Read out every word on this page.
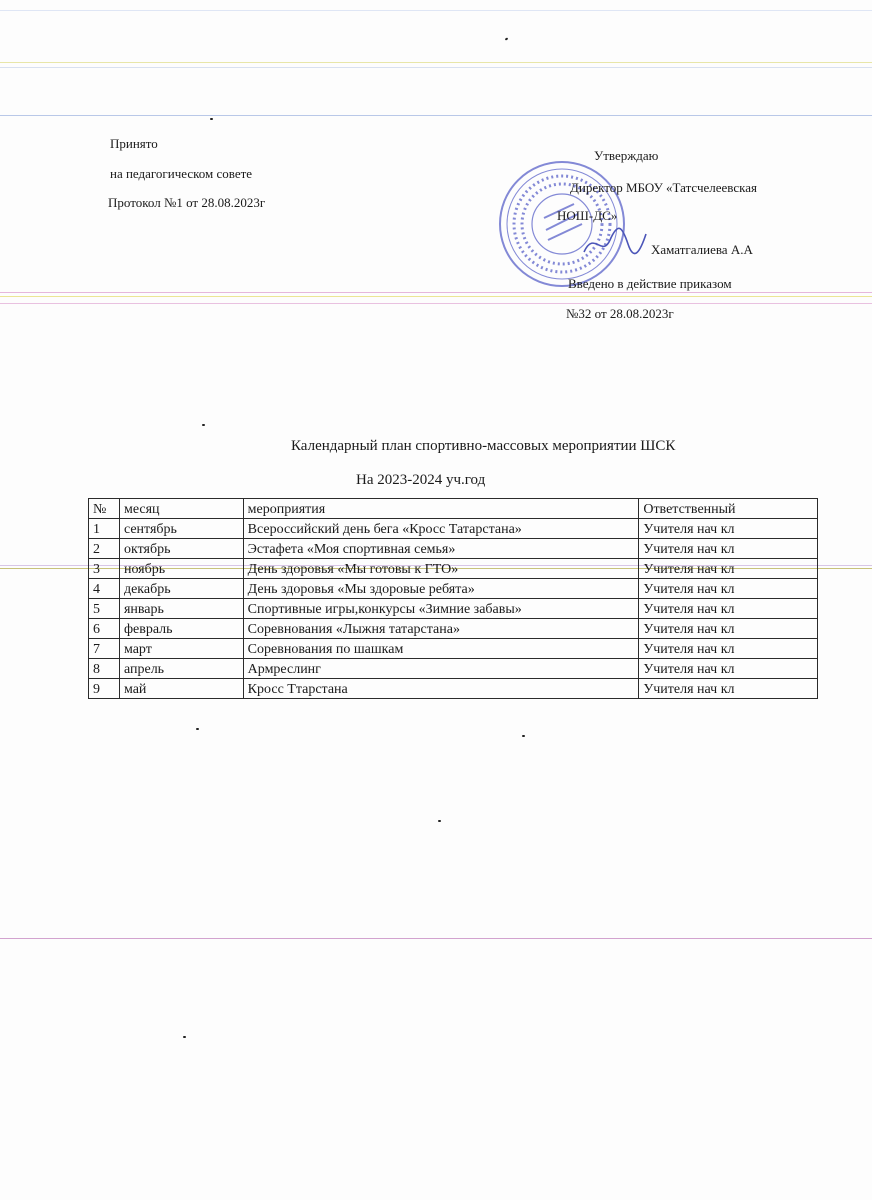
Принято
на педагогическом совете
Протокол №1 от 28.08.2023г
Утверждаю
Директор МБОУ «Татсчелеевская
НОШ-ДС»
Хаматгалиева А.А
Введено в действие приказом
№32 от 28.08.2023г
Календарный план спортивно-массовых мероприятии ШСК
На 2023-2024 уч.год
№	месяц	мероприятия	Ответственный
1	сентябрь	Всероссийский день бега «Кросс Татарстана»	Учителя нач кл
2	октябрь	Эстафета «Моя спортивная семья»	Учителя нач кл
3	ноябрь	День здоровья «Мы готовы к ГТО»	Учителя нач кл
4	декабрь	День здоровья «Мы здоровые ребята»	Учителя нач кл
5	январь	Спортивные игры,конкурсы «Зимние забавы»	Учителя нач кл
6	февраль	Соревнования «Лыжня татарстана»	Учителя нач кл
7	март	Соревнования по шашкам	Учителя нач кл
8	апрель	Армреслинг	Учителя нач кл
9	май	Кросс Ттарстана	Учителя нач кл
